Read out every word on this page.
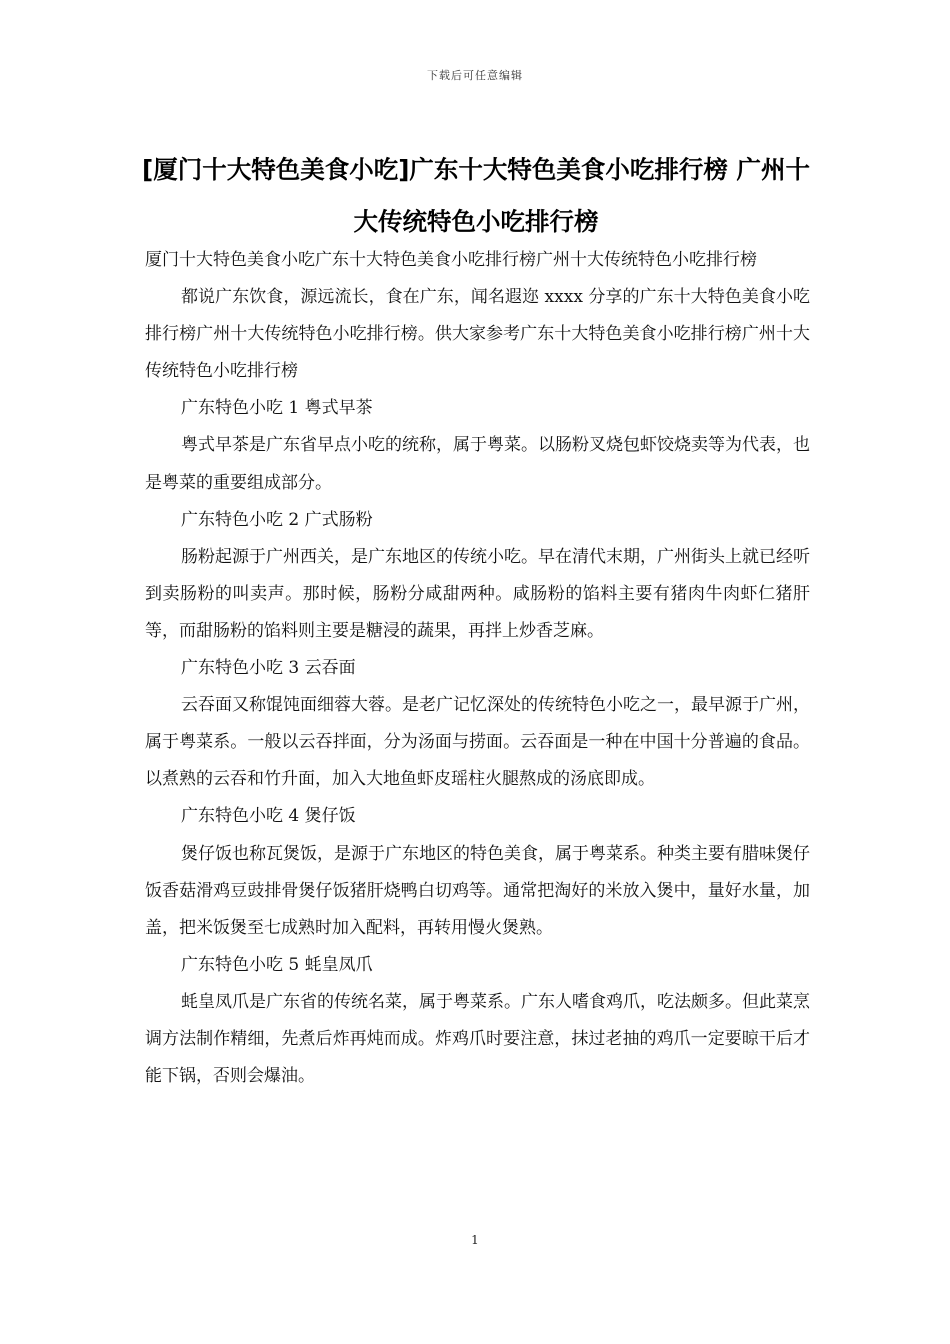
下载后可任意编辑
[厦门十大特色美食小吃]广东十大特色美食小吃排行榜 广州十大传统特色小吃排行榜

厦门十大特色美食小吃广东十大特色美食小吃排行榜广州十大传统特色小吃排行榜

都说广东饮食，源远流长，食在广东，闻名遐迩 xxxx 分享的广东十大特色美食小吃排行榜广州十大传统特色小吃排行榜。供大家参考广东十大特色美食小吃排行榜广州十大传统特色小吃排行榜

广东特色小吃 1 粤式早茶

粤式早茶是广东省早点小吃的统称，属于粤菜。以肠粉叉烧包虾饺烧卖等为代表，也是粤菜的重要组成部分。

广东特色小吃 2 广式肠粉

肠粉起源于广州西关，是广东地区的传统小吃。早在清代末期，广州街头上就已经听到卖肠粉的叫卖声。那时候，肠粉分咸甜两种。咸肠粉的馅料主要有猪肉牛肉虾仁猪肝等，而甜肠粉的馅料则主要是糖浸的蔬果，再拌上炒香芝麻。

广东特色小吃 3 云吞面

云吞面又称馄饨面细蓉大蓉。是老广记忆深处的传统特色小吃之一，最早源于广州，属于粤菜系。一般以云吞拌面，分为汤面与捞面。云吞面是一种在中国十分普遍的食品。以煮熟的云吞和竹升面，加入大地鱼虾皮瑶柱火腿熬成的汤底即成。

广东特色小吃 4 煲仔饭

煲仔饭也称瓦煲饭，是源于广东地区的特色美食，属于粤菜系。种类主要有腊味煲仔饭香菇滑鸡豆豉排骨煲仔饭猪肝烧鸭白切鸡等。通常把淘好的米放入煲中，量好水量，加盖，把米饭煲至七成熟时加入配料，再转用慢火煲熟。

广东特色小吃 5 蚝皇凤爪

蚝皇凤爪是广东省的传统名菜，属于粤菜系。广东人嗜食鸡爪，吃法颇多。但此菜烹调方法制作精细，先煮后炸再炖而成。炸鸡爪时要注意，抹过老抽的鸡爪一定要晾干后才能下锅，否则会爆油。

1
